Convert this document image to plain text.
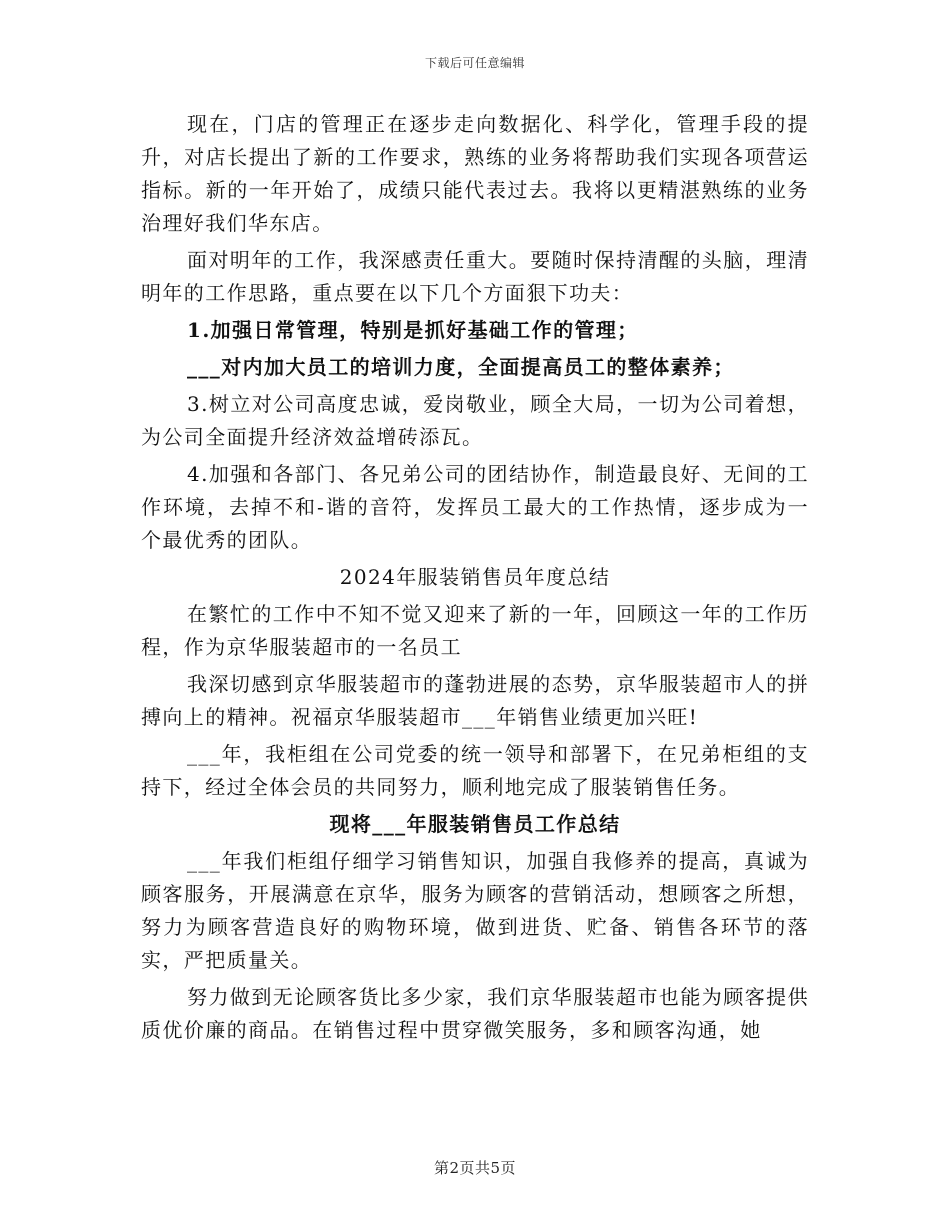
下载后可任意编辑

现在，门店的管理正在逐步走向数据化、科学化，管理手段的提升，对店长提出了新的工作要求，熟练的业务将帮助我们实现各项营运指标。新的一年开始了，成绩只能代表过去。我将以更精湛熟练的业务治理好我们华东店。

面对明年的工作，我深感责任重大。要随时保持清醒的头脑，理清明年的工作思路，重点要在以下几个方面狠下功夫：

1.加强日常管理，特别是抓好基础工作的管理；

___对内加大员工的培训力度，全面提高员工的整体素养；

3.树立对公司高度忠诚，爱岗敬业，顾全大局，一切为公司着想，为公司全面提升经济效益增砖添瓦。

4.加强和各部门、各兄弟公司的团结协作，制造最良好、无间的工作环境，去掉不和-谐的音符，发挥员工最大的工作热情，逐步成为一个最优秀的团队。

2024年服装销售员年度总结

在繁忙的工作中不知不觉又迎来了新的一年，回顾这一年的工作历程，作为京华服装超市的一名员工

我深切感到京华服装超市的蓬勃进展的态势，京华服装超市人的拼搏向上的精神。祝福京华服装超市___年销售业绩更加兴旺!

___年，我柜组在公司党委的统一领导和部署下，在兄弟柜组的支持下，经过全体会员的共同努力，顺利地完成了服装销售任务。

现将___年服装销售员工作总结

___年我们柜组仔细学习销售知识，加强自我修养的提高，真诚为顾客服务，开展满意在京华，服务为顾客的营销活动，想顾客之所想，努力为顾客营造良好的购物环境，做到进货、贮备、销售各环节的落实，严把质量关。

努力做到无论顾客货比多少家，我们京华服装超市也能为顾客提供质优价廉的商品。在销售过程中贯穿微笑服务，多和顾客沟通，她

第2页共5页
